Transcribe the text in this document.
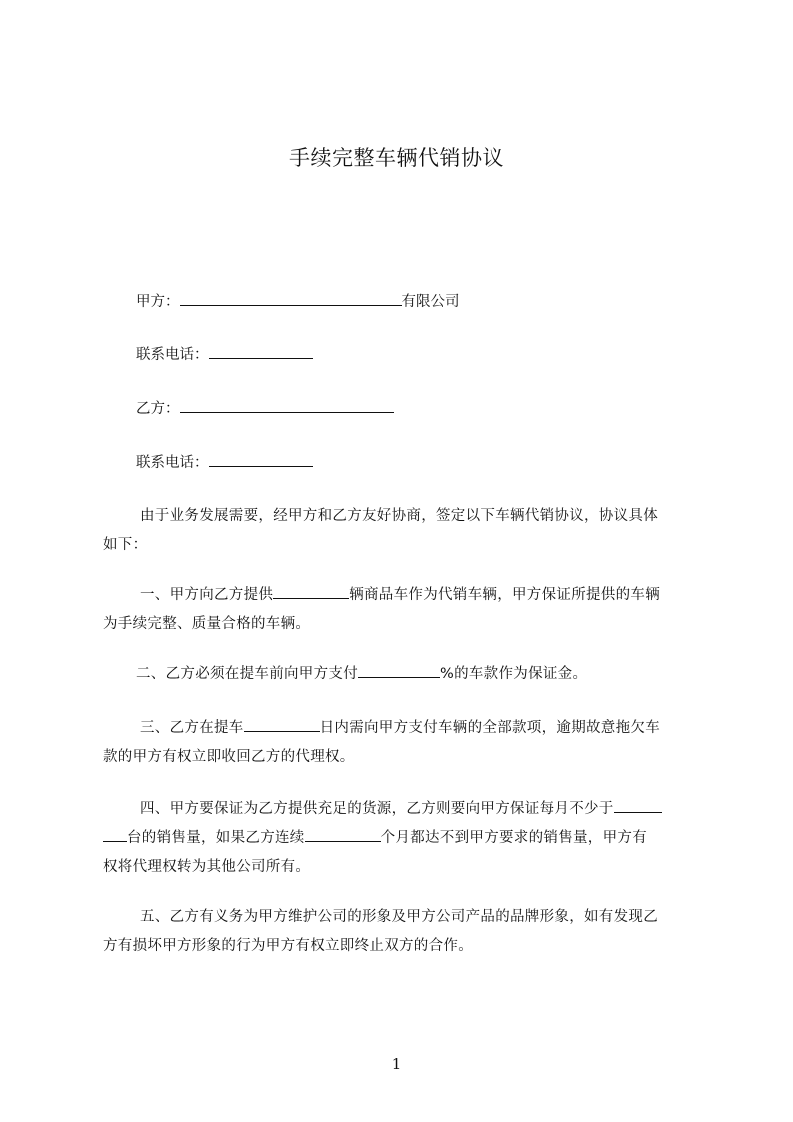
手续完整车辆代销协议
甲方：	有限公司
联系电话：
乙方：
联系电话：
由于业务发展需要，经甲方和乙方友好协商，签定以下车辆代销协议，协议具体
如下：
一、甲方向乙方提供	辆商品车作为代销车辆，甲方保证所提供的车辆
为手续完整、质量合格的车辆。
二、乙方必须在提车前向甲方支付	%的车款作为保证金。
三、乙方在提车	日内需向甲方支付车辆的全部款项，逾期故意拖欠车
款的甲方有权立即收回乙方的代理权。
四、甲方要保证为乙方提供充足的货源，乙方则要向甲方保证每月不少于
台的销售量，如果乙方连续	个月都达不到甲方要求的销售量，甲方有
权将代理权转为其他公司所有。
五、乙方有义务为甲方维护公司的形象及甲方公司产品的品牌形象，如有发现乙
方有损坏甲方形象的行为甲方有权立即终止双方的合作。
1
